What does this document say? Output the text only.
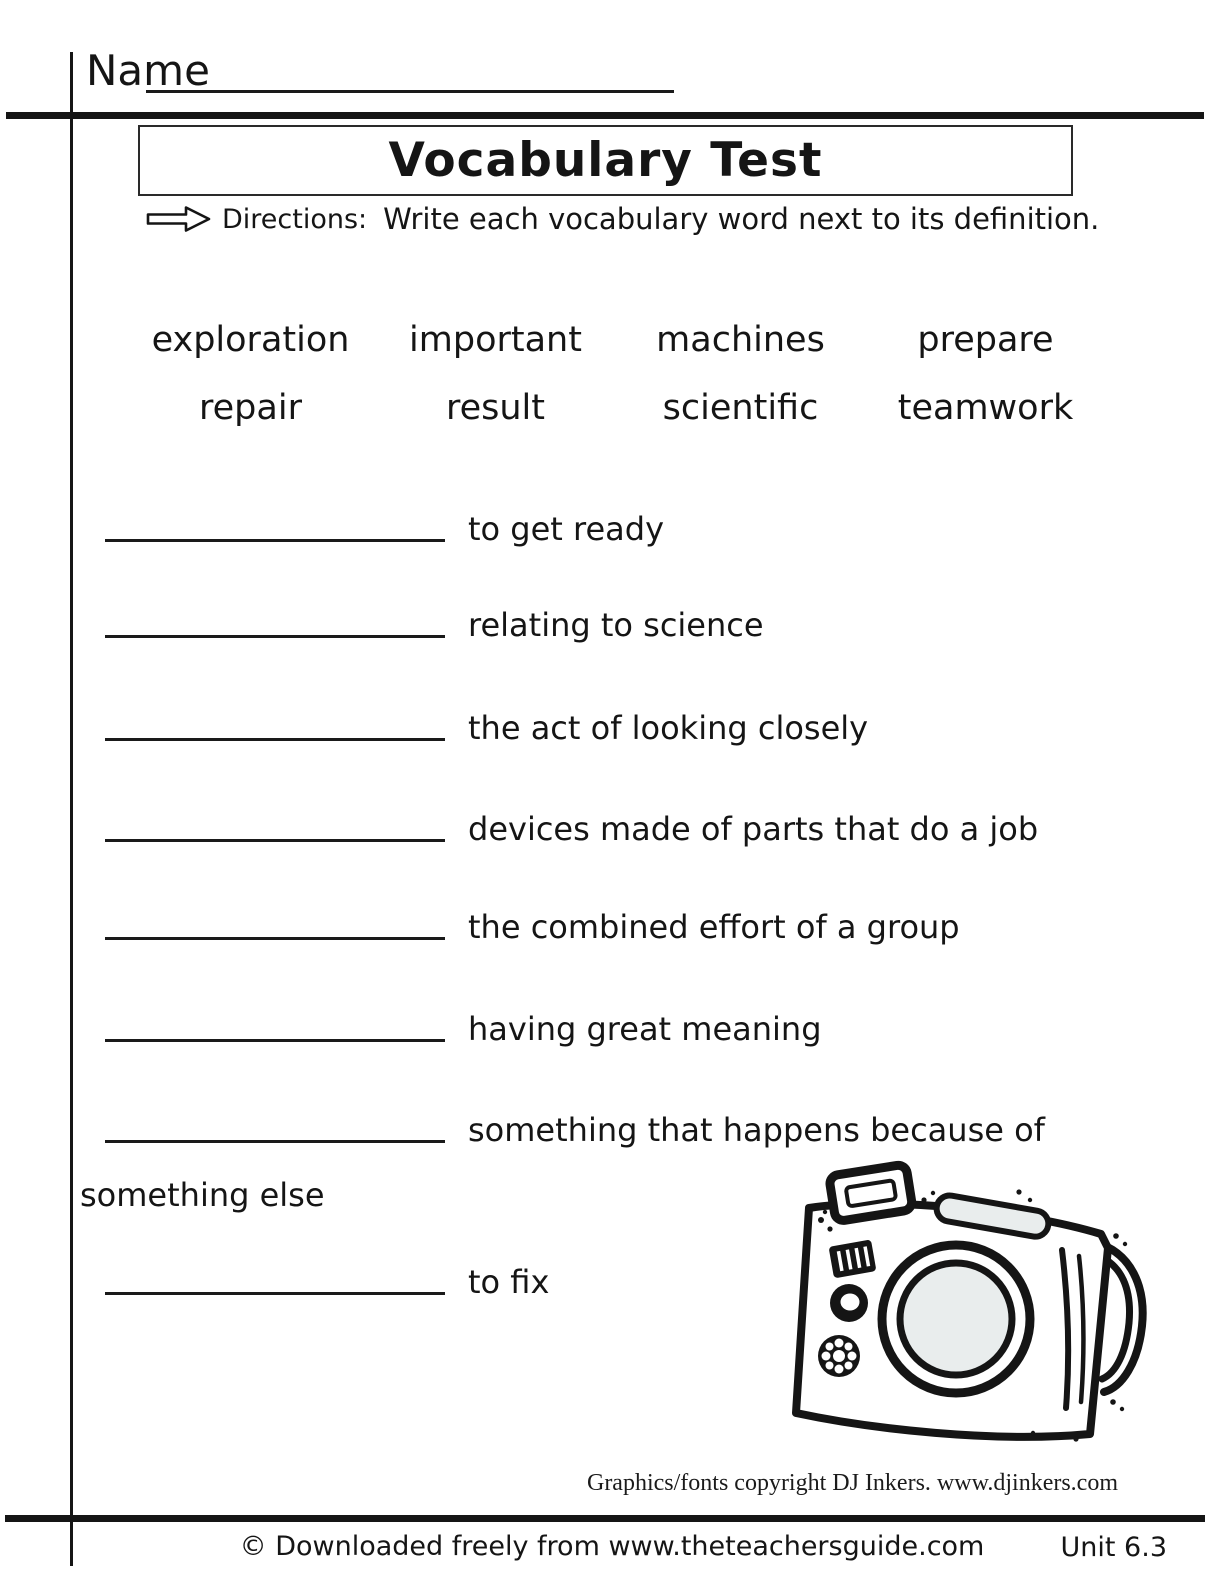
Name
Vocabulary Test
Directions: Write each vocabulary word next to its definition.
exploration	important	machines	prepare
repair	result	scientific	teamwork
to get ready
relating to science
the act of looking closely
devices made of parts that do a job
the combined effort of a group
having great meaning
something that happens because of
something else
to fix
Graphics/fonts copyright DJ Inkers. www.djinkers.com
© Downloaded freely from www.theteachersguide.com	Unit 6.3
